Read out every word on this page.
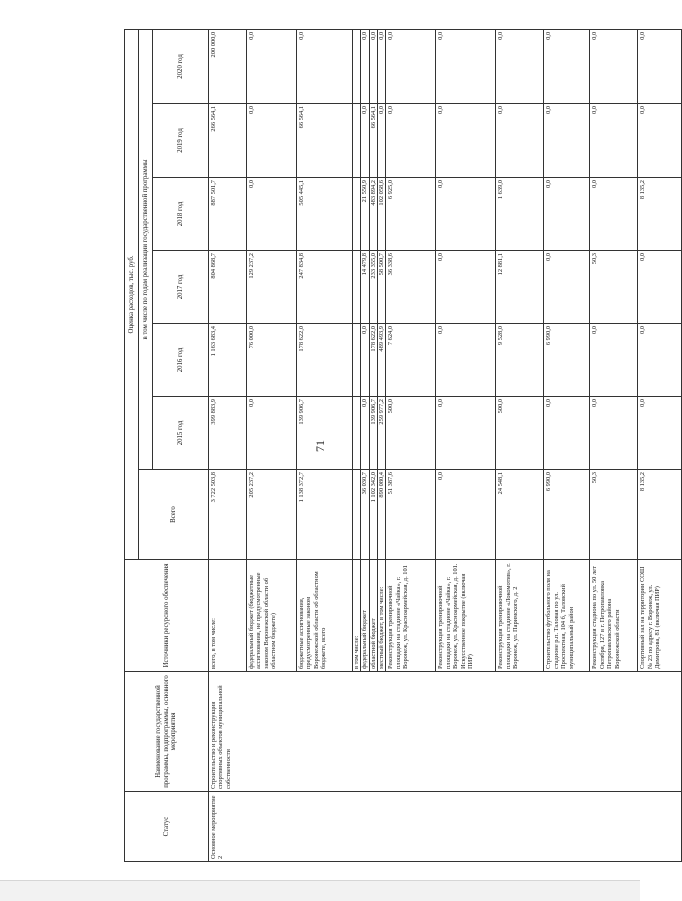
71
Статус	Наименование государственной программы, подпрограммы, основного мероприятия	Источники ресурсного обеспечения	Оценка расходов, тыс. руб.						
			Всего	в том числе по годам реализации государственной программы					
				2015 год	2016 год	2017 год	2018 год	2019 год	2020 год
Основное мероприятие 2	Строительство и реконструкция спортивных объектов муниципальной собственности	всего, в том числе:	3 722 503,8	399 883,9	1 163 683,4	804 868,7	887 501,7	266 564,1	200 000,0
		федеральный бюджет (бюджетные ассигнования, не предусмотренные законом Воронежской области об областном бюджете)	205 237,2	0,0	76 000,0	129 237,2	0,0	0,0	0,0
		бюджетные ассигнования, предусмотренные законом Воронежской области об областном бюджете, всего	1 138 372,7	139 906,7	178 622,0	247 834,8	505 445,1	66 564,1	0,0
		в том числе:							
		федеральный бюджет	36 030,7	0,0	0,0	14 479,8	21 550,9	0,0	0,0
		областной бюджет	1 102 342,0	139 906,7	178 622,0	233 355,0	483 894,2	66 564,1	0,0
		местный бюджет, в том числе:	890 080,4	259 977,2	489 493,9	58 500,7	102 058,6	0,0	0,0
		Реконструкция тренировочной площадки на стадионе «Чайка», г. Воронеж, ул. Красноармейская, д. 101	51 387,6	500,0	7 624,0	36 338,6	6 925,0	0,0	0,0
		Реконструкция тренировочной площадки на стадионе «Чайка», г. Воронеж, ул. Красноармейская, д. 101. Искусственное покрытие (включая ПИР)	0,0	0,0	0,0	0,0	0,0	0,0	0,0
		Реконструкция тренировочной площадки на стадионе «Локомотив», г. Воронеж, ул. Паримского, д. 2	24 548,1	500,0	9 528,0	12 881,1	1 639,0	0,0	0,0
		Строительство футбольного поля на стадионе р.п. Таловая по ул. Проспектная, 104 б, Таловский муниципальный район	6 990,0	0,0	6 990,0	0,0	0,0	0,0	0,0
		Реконструкция стадиона по ул. 50 лет Октября, 127 в г. Петропавловка Петропавловского района Воронежской области	50,3	0,0	0,0	50,3	0,0	0,0	0,0
		Спортивный зал на территории СОШ № 23 по адресу г. Воронеж, ул. Димитрова, 81 (включая ПИР)	8 135,2	0,0	0,0	0,0	8 135,2	0,0	0,0
